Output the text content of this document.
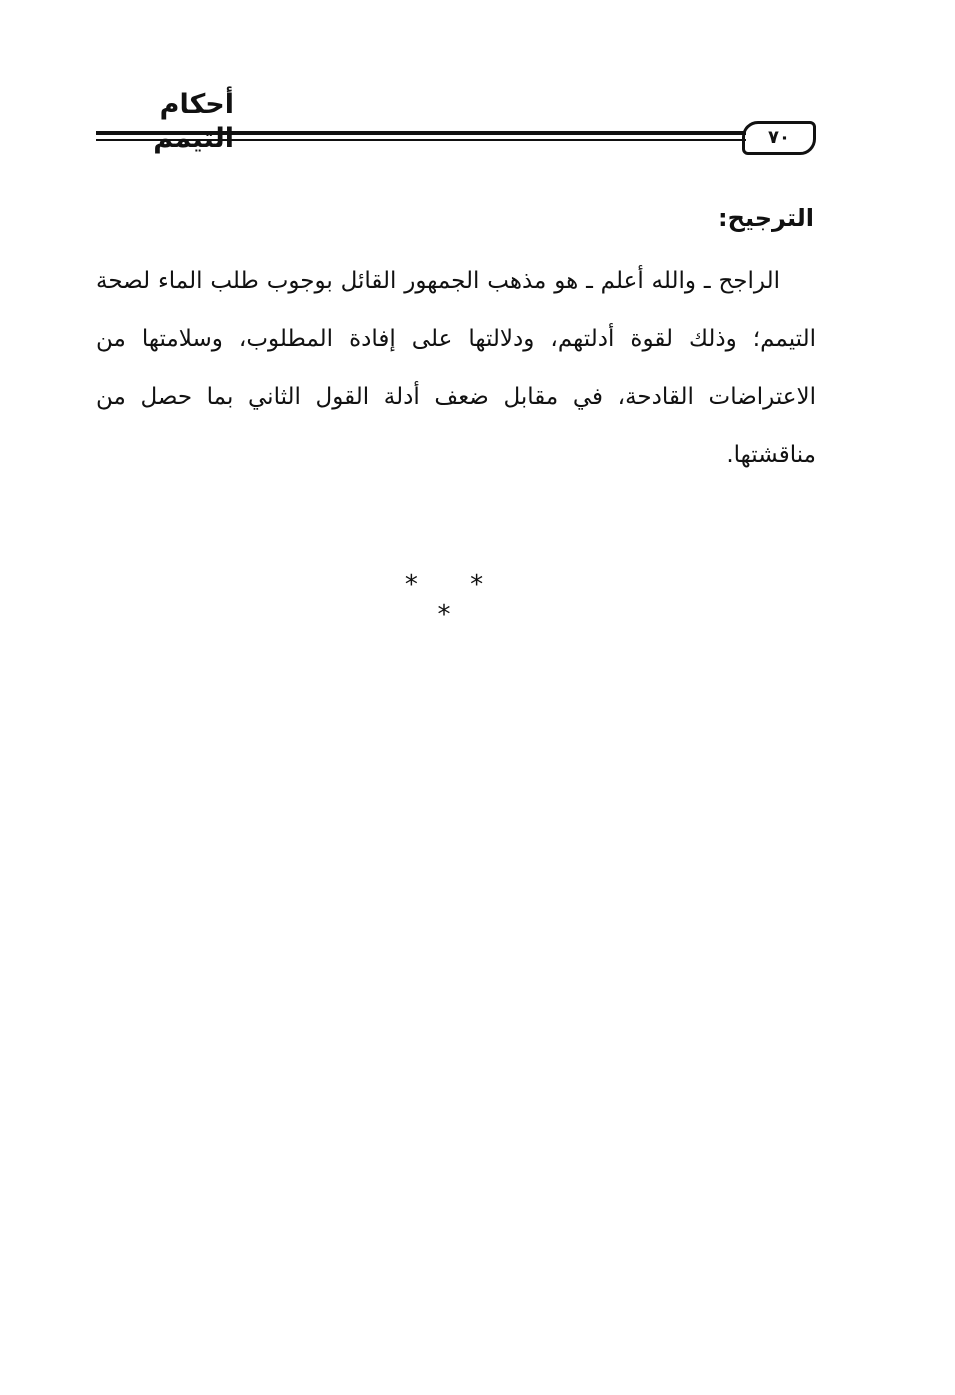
أحكام
٧٠
الترجيح:
الراجح ـ والله أعلم ـ هو مذهب الجمهور القائل بوجوب طلب الماء لصحة التيمم؛ وذلك لقوة أدلتهم، ودلالتها على إفادة المطلوب، وسلامتها من الاعتراضات القادحة، في مقابل ضعف أدلة القول الثاني بما حصل من مناقشتها.
* * *
